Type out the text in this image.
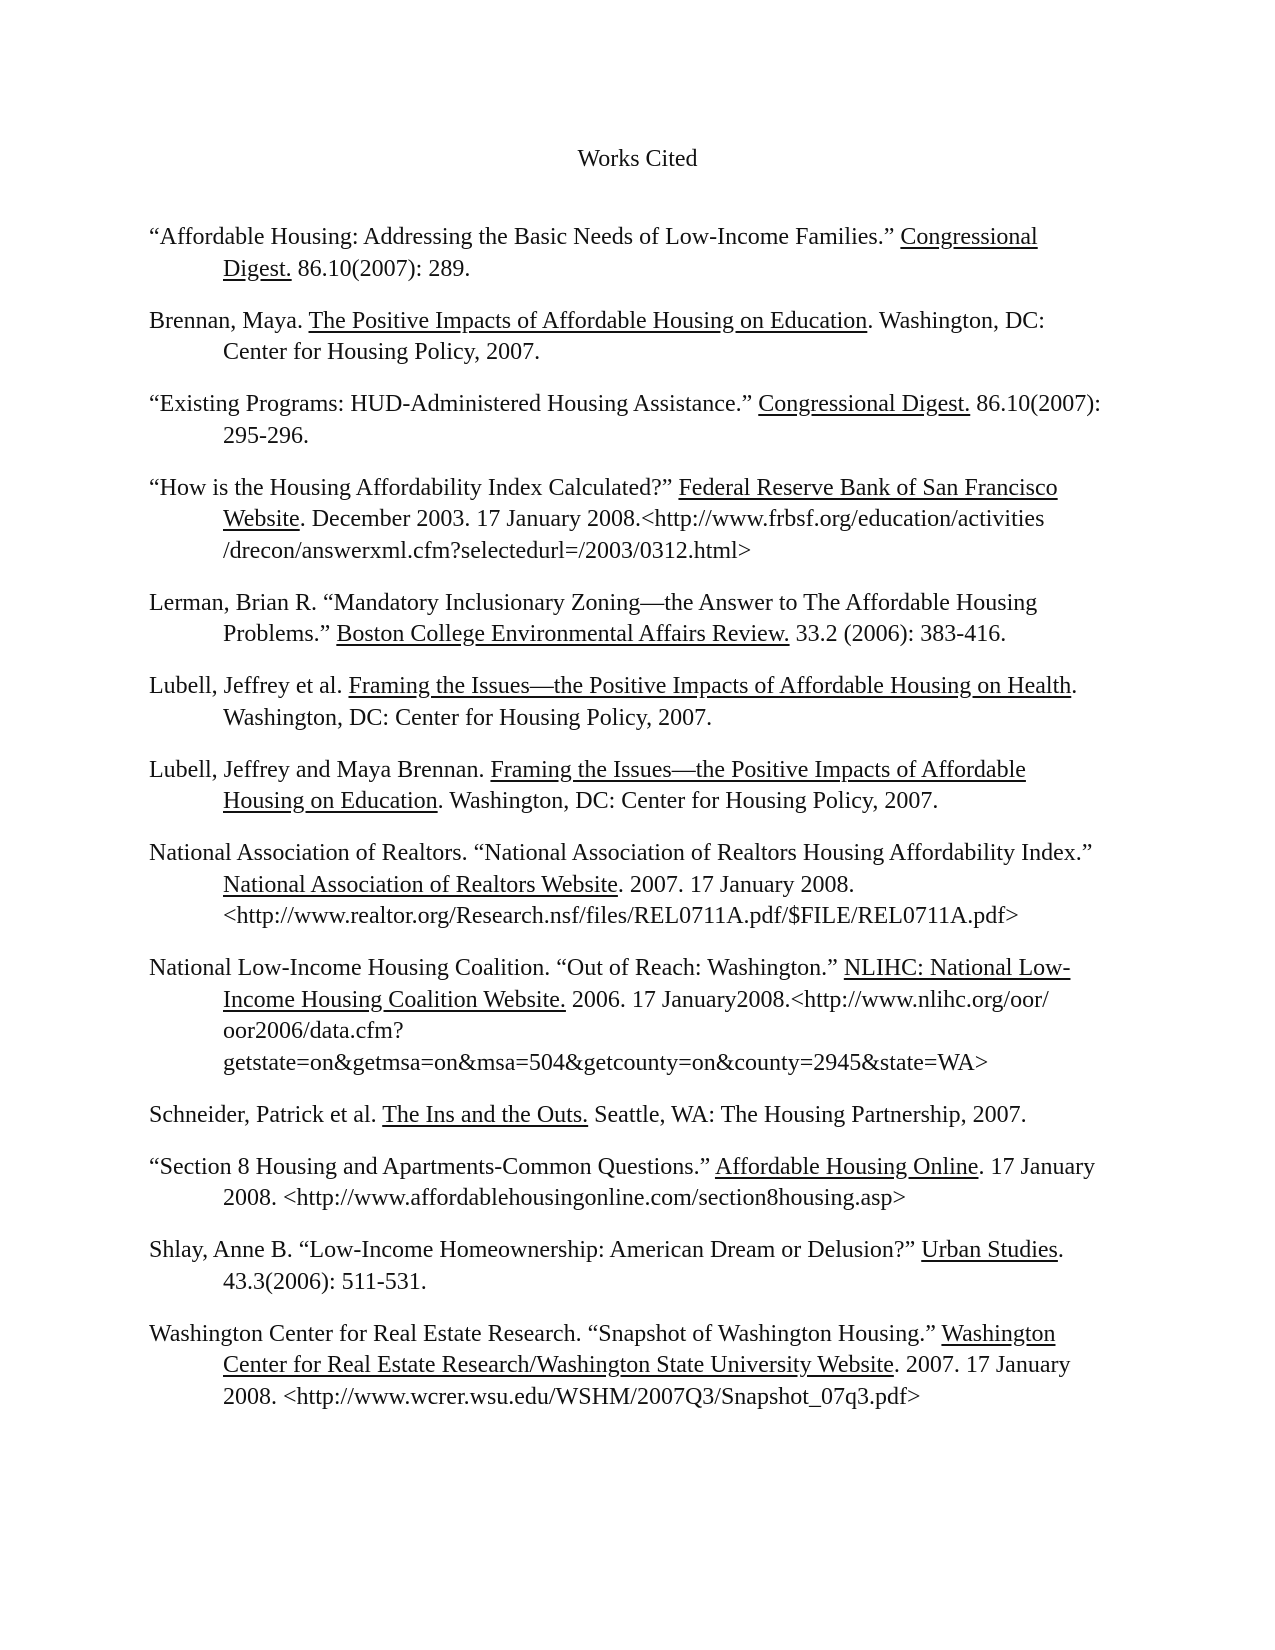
Works Cited

“Affordable Housing: Addressing the Basic Needs of Low-Income Families.” Congressional Digest. 86.10(2007): 289.

Brennan, Maya. The Positive Impacts of Affordable Housing on Education. Washington, DC: Center for Housing Policy, 2007.

“Existing Programs: HUD-Administered Housing Assistance.” Congressional Digest. 86.10(2007): 295-296.

“How is the Housing Affordability Index Calculated?” Federal Reserve Bank of San Francisco Website. December 2003. 17 January 2008.<http://www.frbsf.org/education/activities /drecon/answerxml.cfm?selectedurl=/2003/0312.html>

Lerman, Brian R. “Mandatory Inclusionary Zoning—the Answer to The Affordable Housing Problems.” Boston College Environmental Affairs Review. 33.2 (2006): 383-416.

Lubell, Jeffrey et al. Framing the Issues—the Positive Impacts of Affordable Housing on Health. Washington, DC: Center for Housing Policy, 2007.

Lubell, Jeffrey and Maya Brennan. Framing the Issues—the Positive Impacts of Affordable Housing on Education. Washington, DC: Center for Housing Policy, 2007.

National Association of Realtors. “National Association of Realtors Housing Affordability Index.” National Association of Realtors Website. 2007. 17 January 2008. <http://www.realtor.org/Research.nsf/files/REL0711A.pdf/$FILE/REL0711A.pdf>

National Low-Income Housing Coalition. “Out of Reach: Washington.” NLIHC: National Low-Income Housing Coalition Website. 2006. 17 January2008.<http://www.nlihc.org/oor/ oor2006/data.cfm?getstate=on&getmsa=on&msa=504&getcounty=on&county=2945&state=WA>

Schneider, Patrick et al. The Ins and the Outs. Seattle, WA: The Housing Partnership, 2007.

“Section 8 Housing and Apartments-Common Questions.” Affordable Housing Online. 17 January 2008. <http://www.affordablehousingonline.com/section8housing.asp>

Shlay, Anne B. “Low-Income Homeownership: American Dream or Delusion?” Urban Studies. 43.3(2006): 511-531.

Washington Center for Real Estate Research. “Snapshot of Washington Housing.” Washington Center for Real Estate Research/Washington State University Website. 2007. 17 January 2008. <http://www.wcrer.wsu.edu/WSHM/2007Q3/Snapshot_07q3.pdf>
